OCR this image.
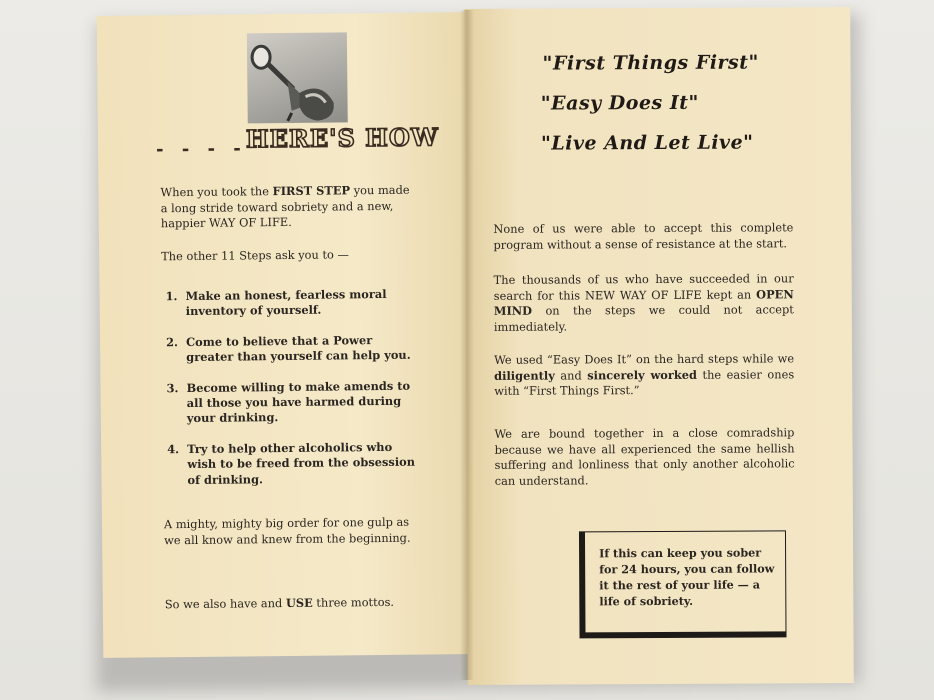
- - - -
HERE'S HOW
When you took the FIRST STEP you made a long stride toward sobriety and a new, happier WAY OF LIFE.
The other 11 Steps ask you to —
1. Make an honest, fearless moral inventory of yourself.
2. Come to believe that a Power greater than yourself can help you.
3. Become willing to make amends to all those you have harmed during your drinking.
4. Try to help other alcoholics who wish to be freed from the obsession of drinking.
A mighty, mighty big order for one gulp as we all know and knew from the beginning.
So we also have and USE three mottos.
"First Things First"
"Easy Does It"
"Live And Let Live"
None of us were able to accept this complete program without a sense of resistance at the start.
The thousands of us who have succeeded in our search for this NEW WAY OF LIFE kept an OPEN MIND on the steps we could not accept immediately.
We used “Easy Does It” on the hard steps while we diligently and sincerely worked the easier ones with “First Things First.”
We are bound together in a close comradship because we have all experienced the same hellish suffering and lonliness that only another alcoholic can understand.
If this can keep you sober for 24 hours, you can follow it the rest of your life — a life of sobriety.
